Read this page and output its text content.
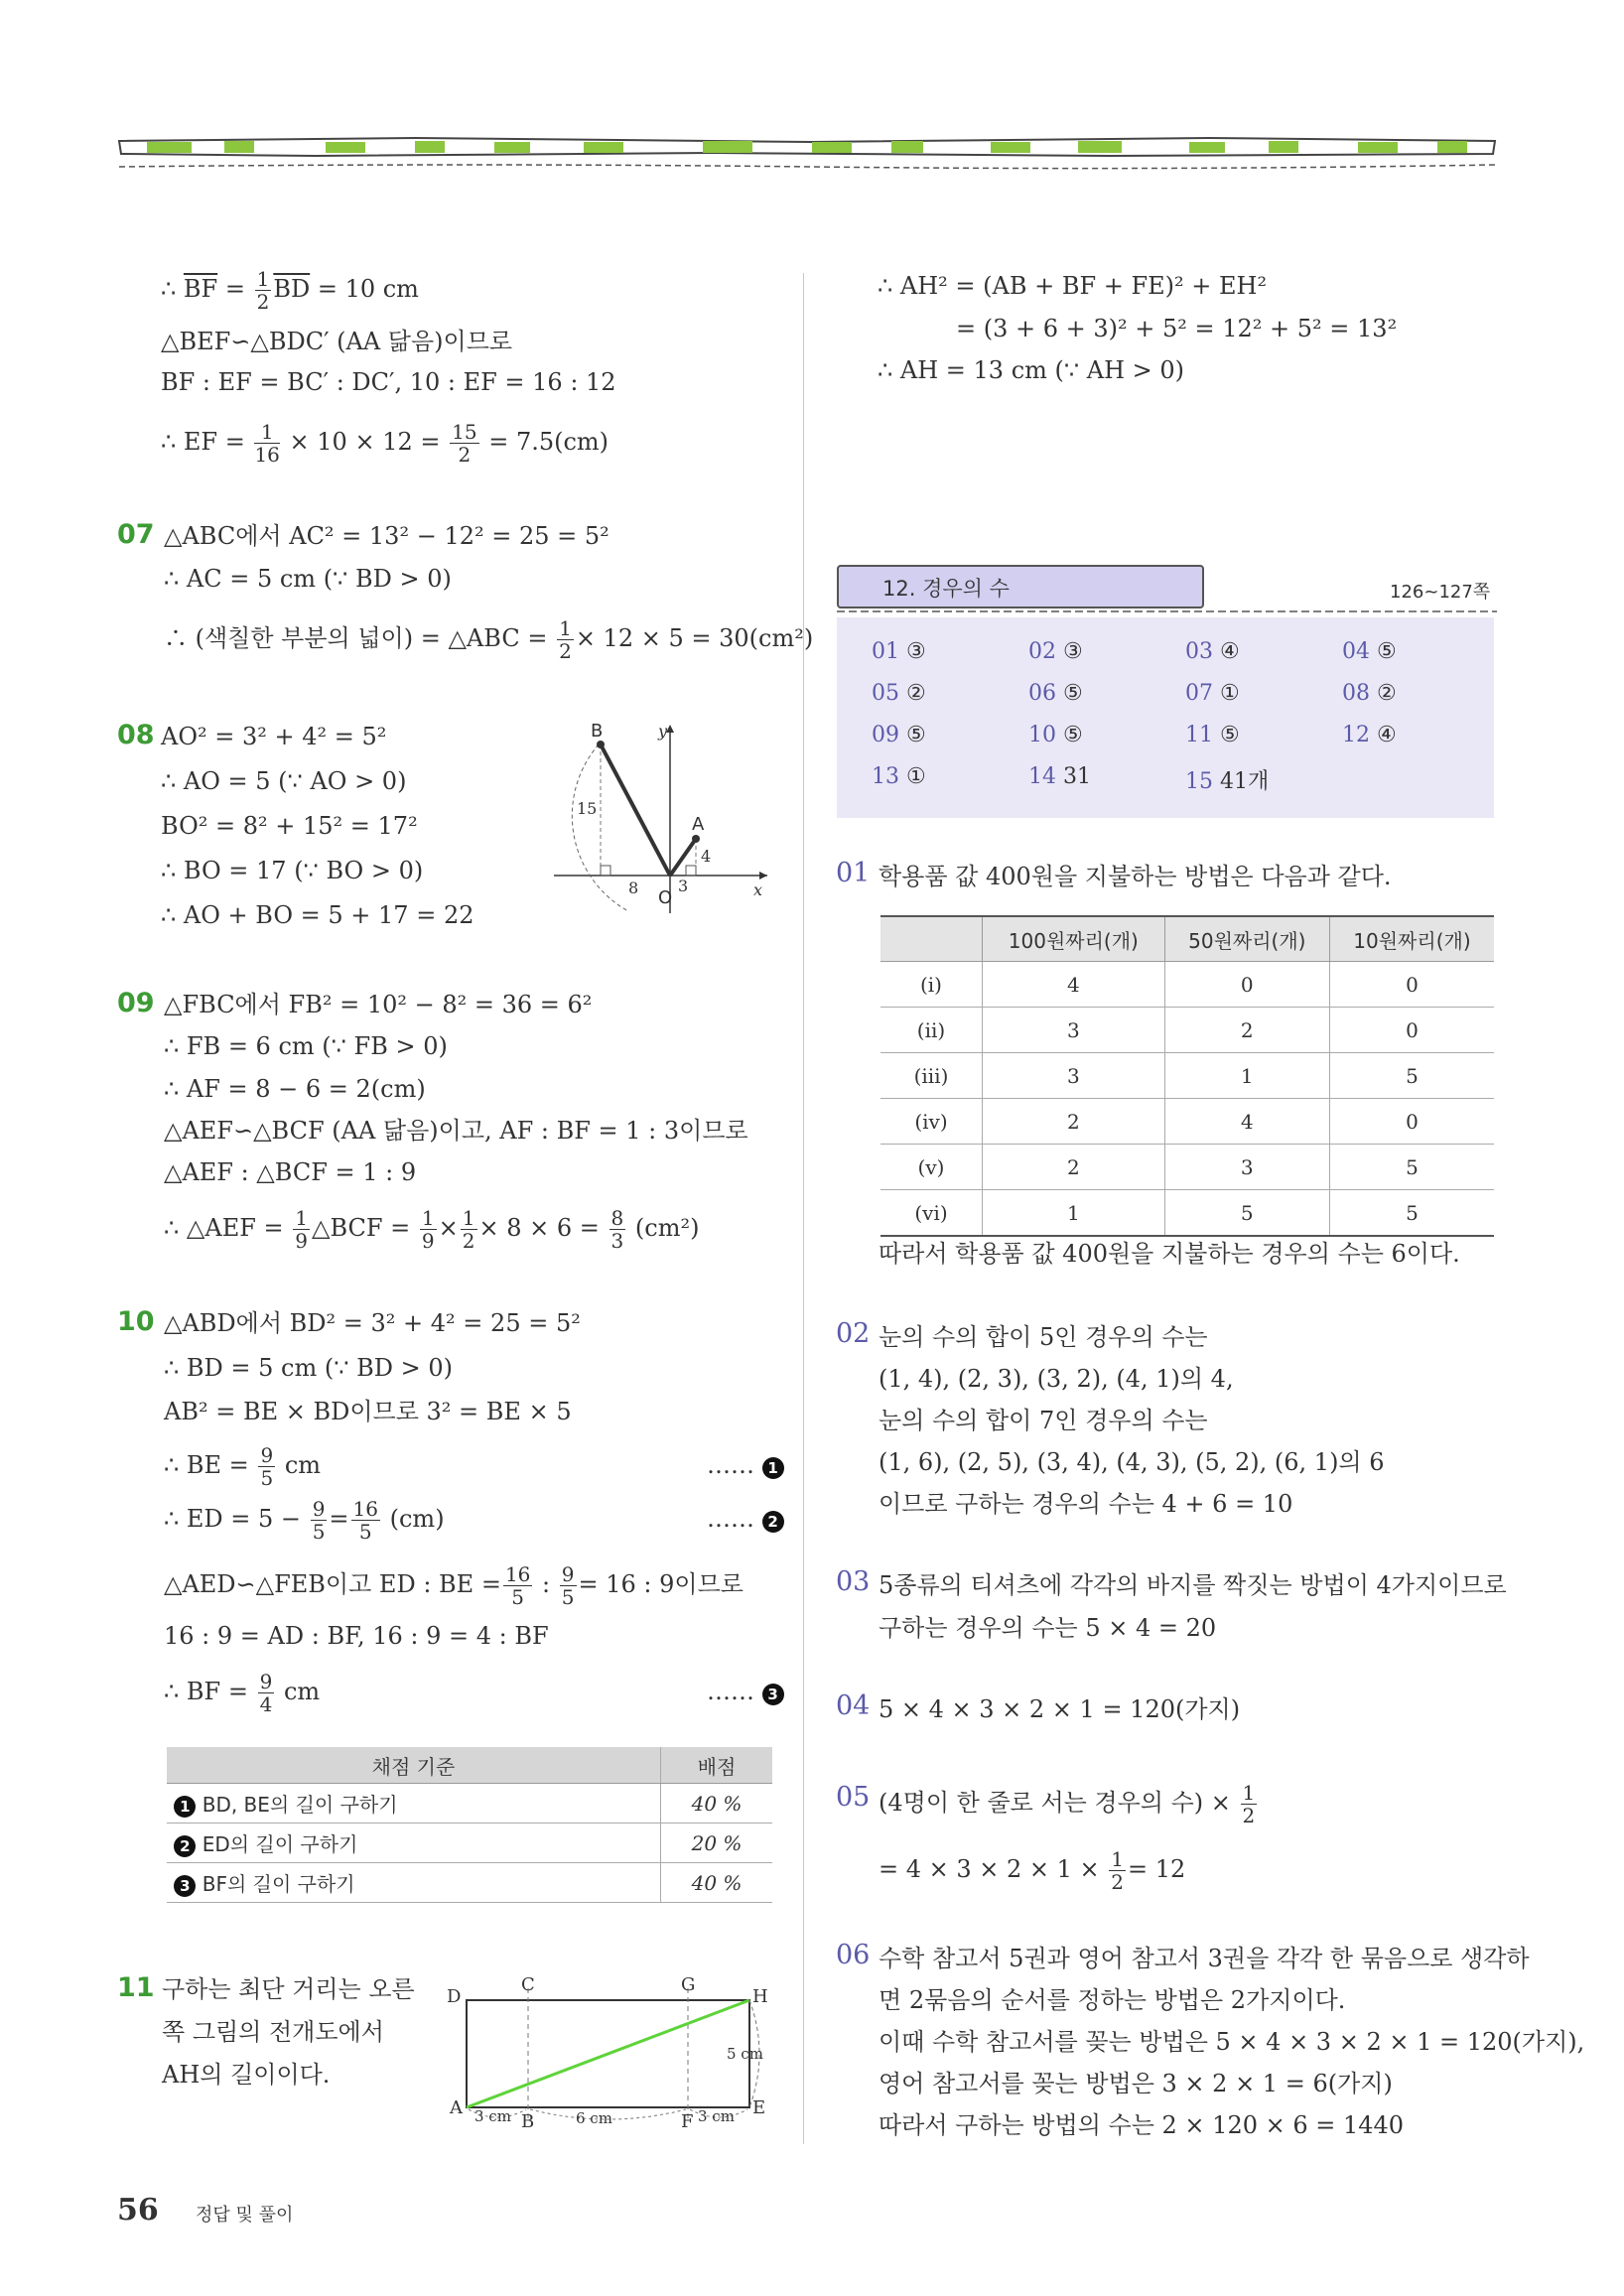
∴ $\overline{BF} = \frac{1}{2} \overline{BD} = 10$ cm
△BEF∽△BDC′ (AA 닮음)이므로
BF : EF = BC′ : DC′, 10 : EF = 16 : 12
∴ EF = $\frac{1}{16} \times 10 \times 12 = \frac{15}{2} = 7.5(cm)$
07 △ABC에서 AC² = 13² − 12² = 25 = 5²
∴ AC = 5 cm (∵ BD > 0)
∴ (색칠한 부분의 넓이) = △ABC = $\frac{1}{2} \times 12 \times 5 = 30(cm^2)$
08 AO² = 3² + 4² = 5²
∴ AO = 5 (∵ AO > 0)
BO² = 8² + 15² = 17²
∴ BO = 17 (∵ BO > 0)
∴ AO + BO = 5 + 17 = 22
B
A
O	x
y
15
4
8 3
09 △FBC에서 FB² = 10² − 8² = 36 = 6²
∴ FB = 6 cm (∵ FB > 0)
∴ AF = 8 − 6 = 2(cm)
△AEF∽△BCF (AA 닮음)이고, AF : BF = 1 : 3이므로
△AEF : △BCF = 1 : 9
∴ △AEF = $\frac{1}{9}$ △BCF = $\frac{1}{9} \times \frac{1}{2} \times 8 \times 6 = \frac{8}{3} (cm^2)$
10 △ABD에서 BD² = 3² + 4² = 25 = 5²
∴ BD = 5 cm (∵ BD > 0)
AB² = BE × BD이므로 3² = BE × 5
∴ BE = $\frac{9}{5}$ cm	…… 1
∴ ED = $5 - \frac{9}{5} = \frac{16}{5} (cm)$	…… 2
△AED∽△FEB이고 ED : BE = $\frac{16}{5}$ : $\frac{9}{5} = 16$ : 9이므로
16 : 9 = AD : BF, 16 : 9 = 4 : BF
∴ BF = $\frac{9}{4}$ cm	…… 3
채점 기준	배점
1 BD, BE의 길이 구하기	40 %
2 ED의 길이 구하기	20 %
3 BF의 길이 구하기	40 %
11 구하는 최단 거리는 오른
쪽 그림의 전개도에서
AH의 길이이다.
D
C	G
H
A
B	F
E
3 cm	6 cm	3 cm
5 cm
∴ AH² = (AB + BF + FE)² + EH²
= (3 + 6 + 3)² + 5² = 12² + 5² = 13²
∴ AH = 13 cm (∵ AH > 0)
12. 경우의 수	126~127쪽
01 ③	02 ③	03 ④	04 ⑤
05 ②	06 ⑤	07 ①	08 ②
09 ⑤	10 ⑤	11 ⑤	12 ④
13 ①	14 31	15 41개
01 학용품 값 400원을 지불하는 방법은 다음과 같다.
	100원짜리(개)	50원짜리(개)	10원짜리(개)
(ⅰ)	4	0	0
(ⅱ)	3	2	0
(ⅲ)	3	1	5
(ⅳ)	2	4	0
(ⅴ)	2	3	5
(ⅵ)	1	5	5
따라서 학용품 값 400원을 지불하는 경우의 수는 6이다.
02 눈의 수의 합이 5인 경우의 수는
(1, 4), (2, 3), (3, 2), (4, 1)의 4,
눈의 수의 합이 7인 경우의 수는
(1, 6), (2, 5), (3, 4), (4, 3), (5, 2), (6, 1)의 6
이므로 구하는 경우의 수는 4 + 6 = 10
03 5종류의 티셔츠에 각각의 바지를 짝짓는 방법이 4가지이므로
구하는 경우의 수는 5 × 4 = 20
04 5 × 4 × 3 × 2 × 1 = 120(가지)
05 (4명이 한 줄로 서는 경우의 수) × $\frac{1}{2}$
= $4 \times 3 \times 2 \times 1 \times \frac{1}{2} = 12$
06 수학 참고서 5권과 영어 참고서 3권을 각각 한 묶음으로 생각하
면 2묶음의 순서를 정하는 방법은 2가지이다.
이때 수학 참고서를 꽂는 방법은 5 × 4 × 3 × 2 × 1 = 120(가지),
영어 참고서를 꽂는 방법은 3 × 2 × 1 = 6(가지)
따라서 구하는 방법의 수는 2 × 120 × 6 = 1440
56 정답 및 풀이
